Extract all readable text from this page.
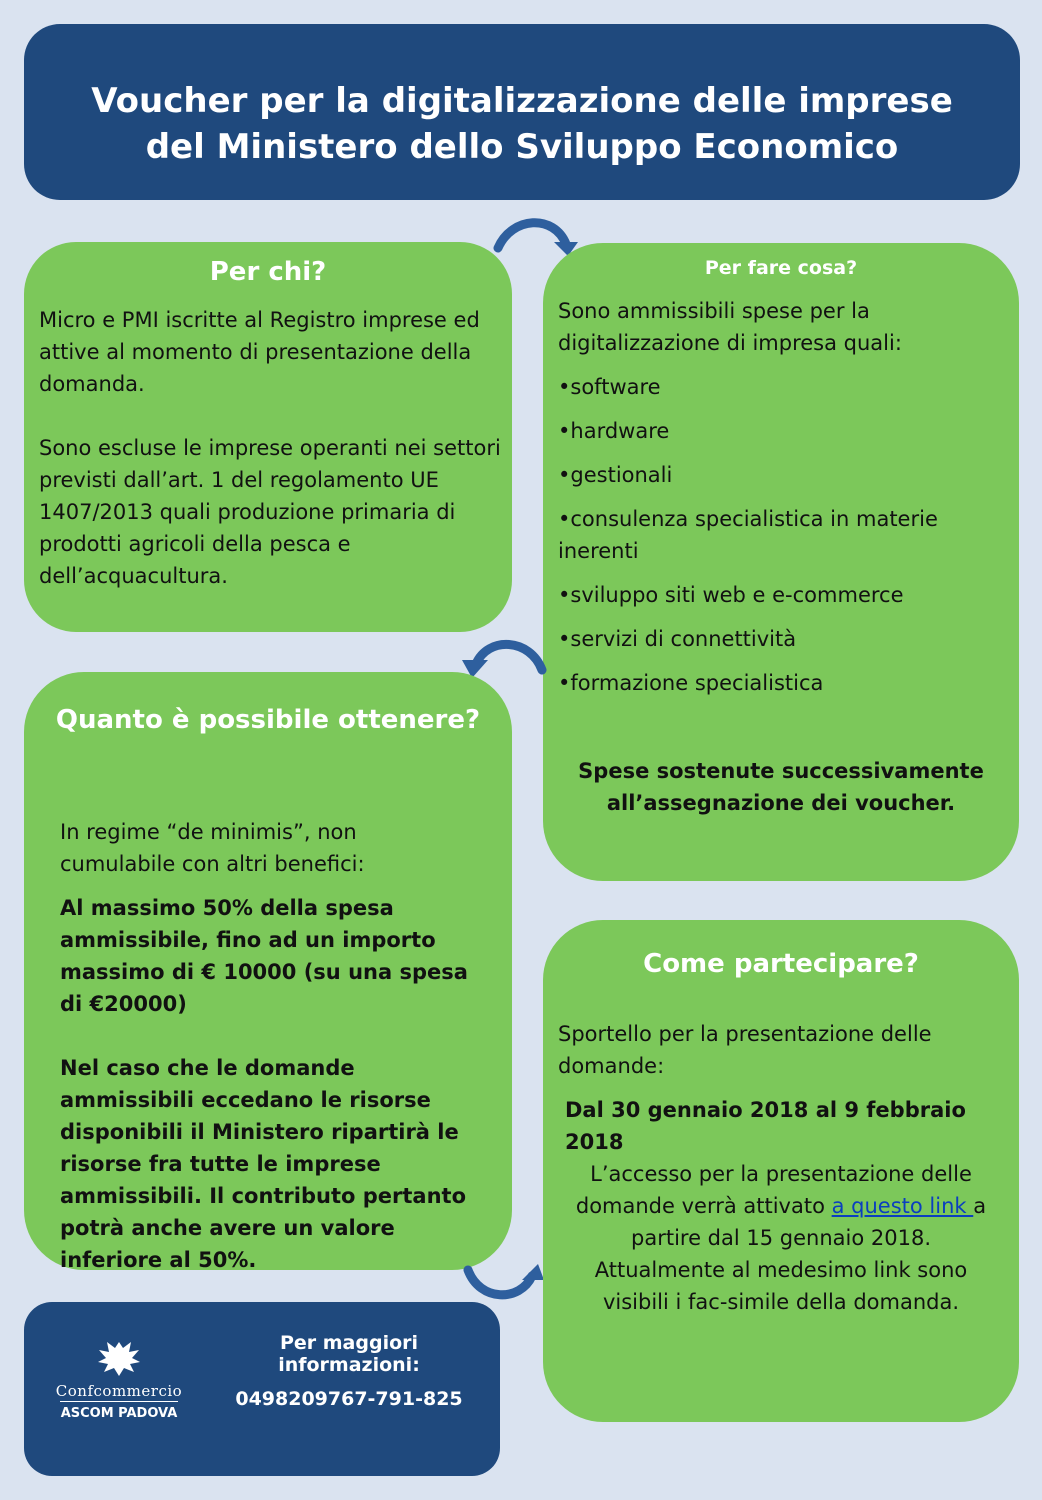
Voucher per la digitalizzazione delle imprese
del Ministero dello Sviluppo Economico
Per chi?

Micro e PMI iscritte al Registro imprese ed attive al momento di presentazione della domanda.

Sono escluse le imprese operanti nei settori previsti dall’art. 1 del regolamento UE 1407/2013 quali produzione primaria di prodotti agricoli della pesca e dell’acquacultura.

Per fare cosa?

Sono ammissibili spese per la digitalizzazione di impresa quali:

• software
• hardware
• gestionali
• consulenza specialistica in materie inerenti
• sviluppo siti web e e-commerce
• servizi di connettività
• formazione specialistica

Spese sostenute successivamente all’assegnazione dei voucher.

Quanto è possibile ottenere?

In regime “de minimis”, non cumulabile con altri benefici:

Al massimo 50% della spesa ammissibile, fino ad un importo massimo di € 10000 (su una spesa di €20000)

Nel caso che le domande ammissibili eccedano le risorse disponibili il Ministero ripartirà le risorse fra tutte le imprese ammissibili. Il contributo pertanto potrà anche avere un valore inferiore al 50%.

Come partecipare?

Sportello per la presentazione delle domande:

Dal 30 gennaio 2018 al 9 febbraio 2018

L’accesso per la presentazione delle domande verrà attivato a questo link a partire dal 15 gennaio 2018. Attualmente al medesimo link sono visibili i fac-simile della domanda.

Confcommercio
ASCOM PADOVA
Per maggiori informazioni:
0498209767-791-825
